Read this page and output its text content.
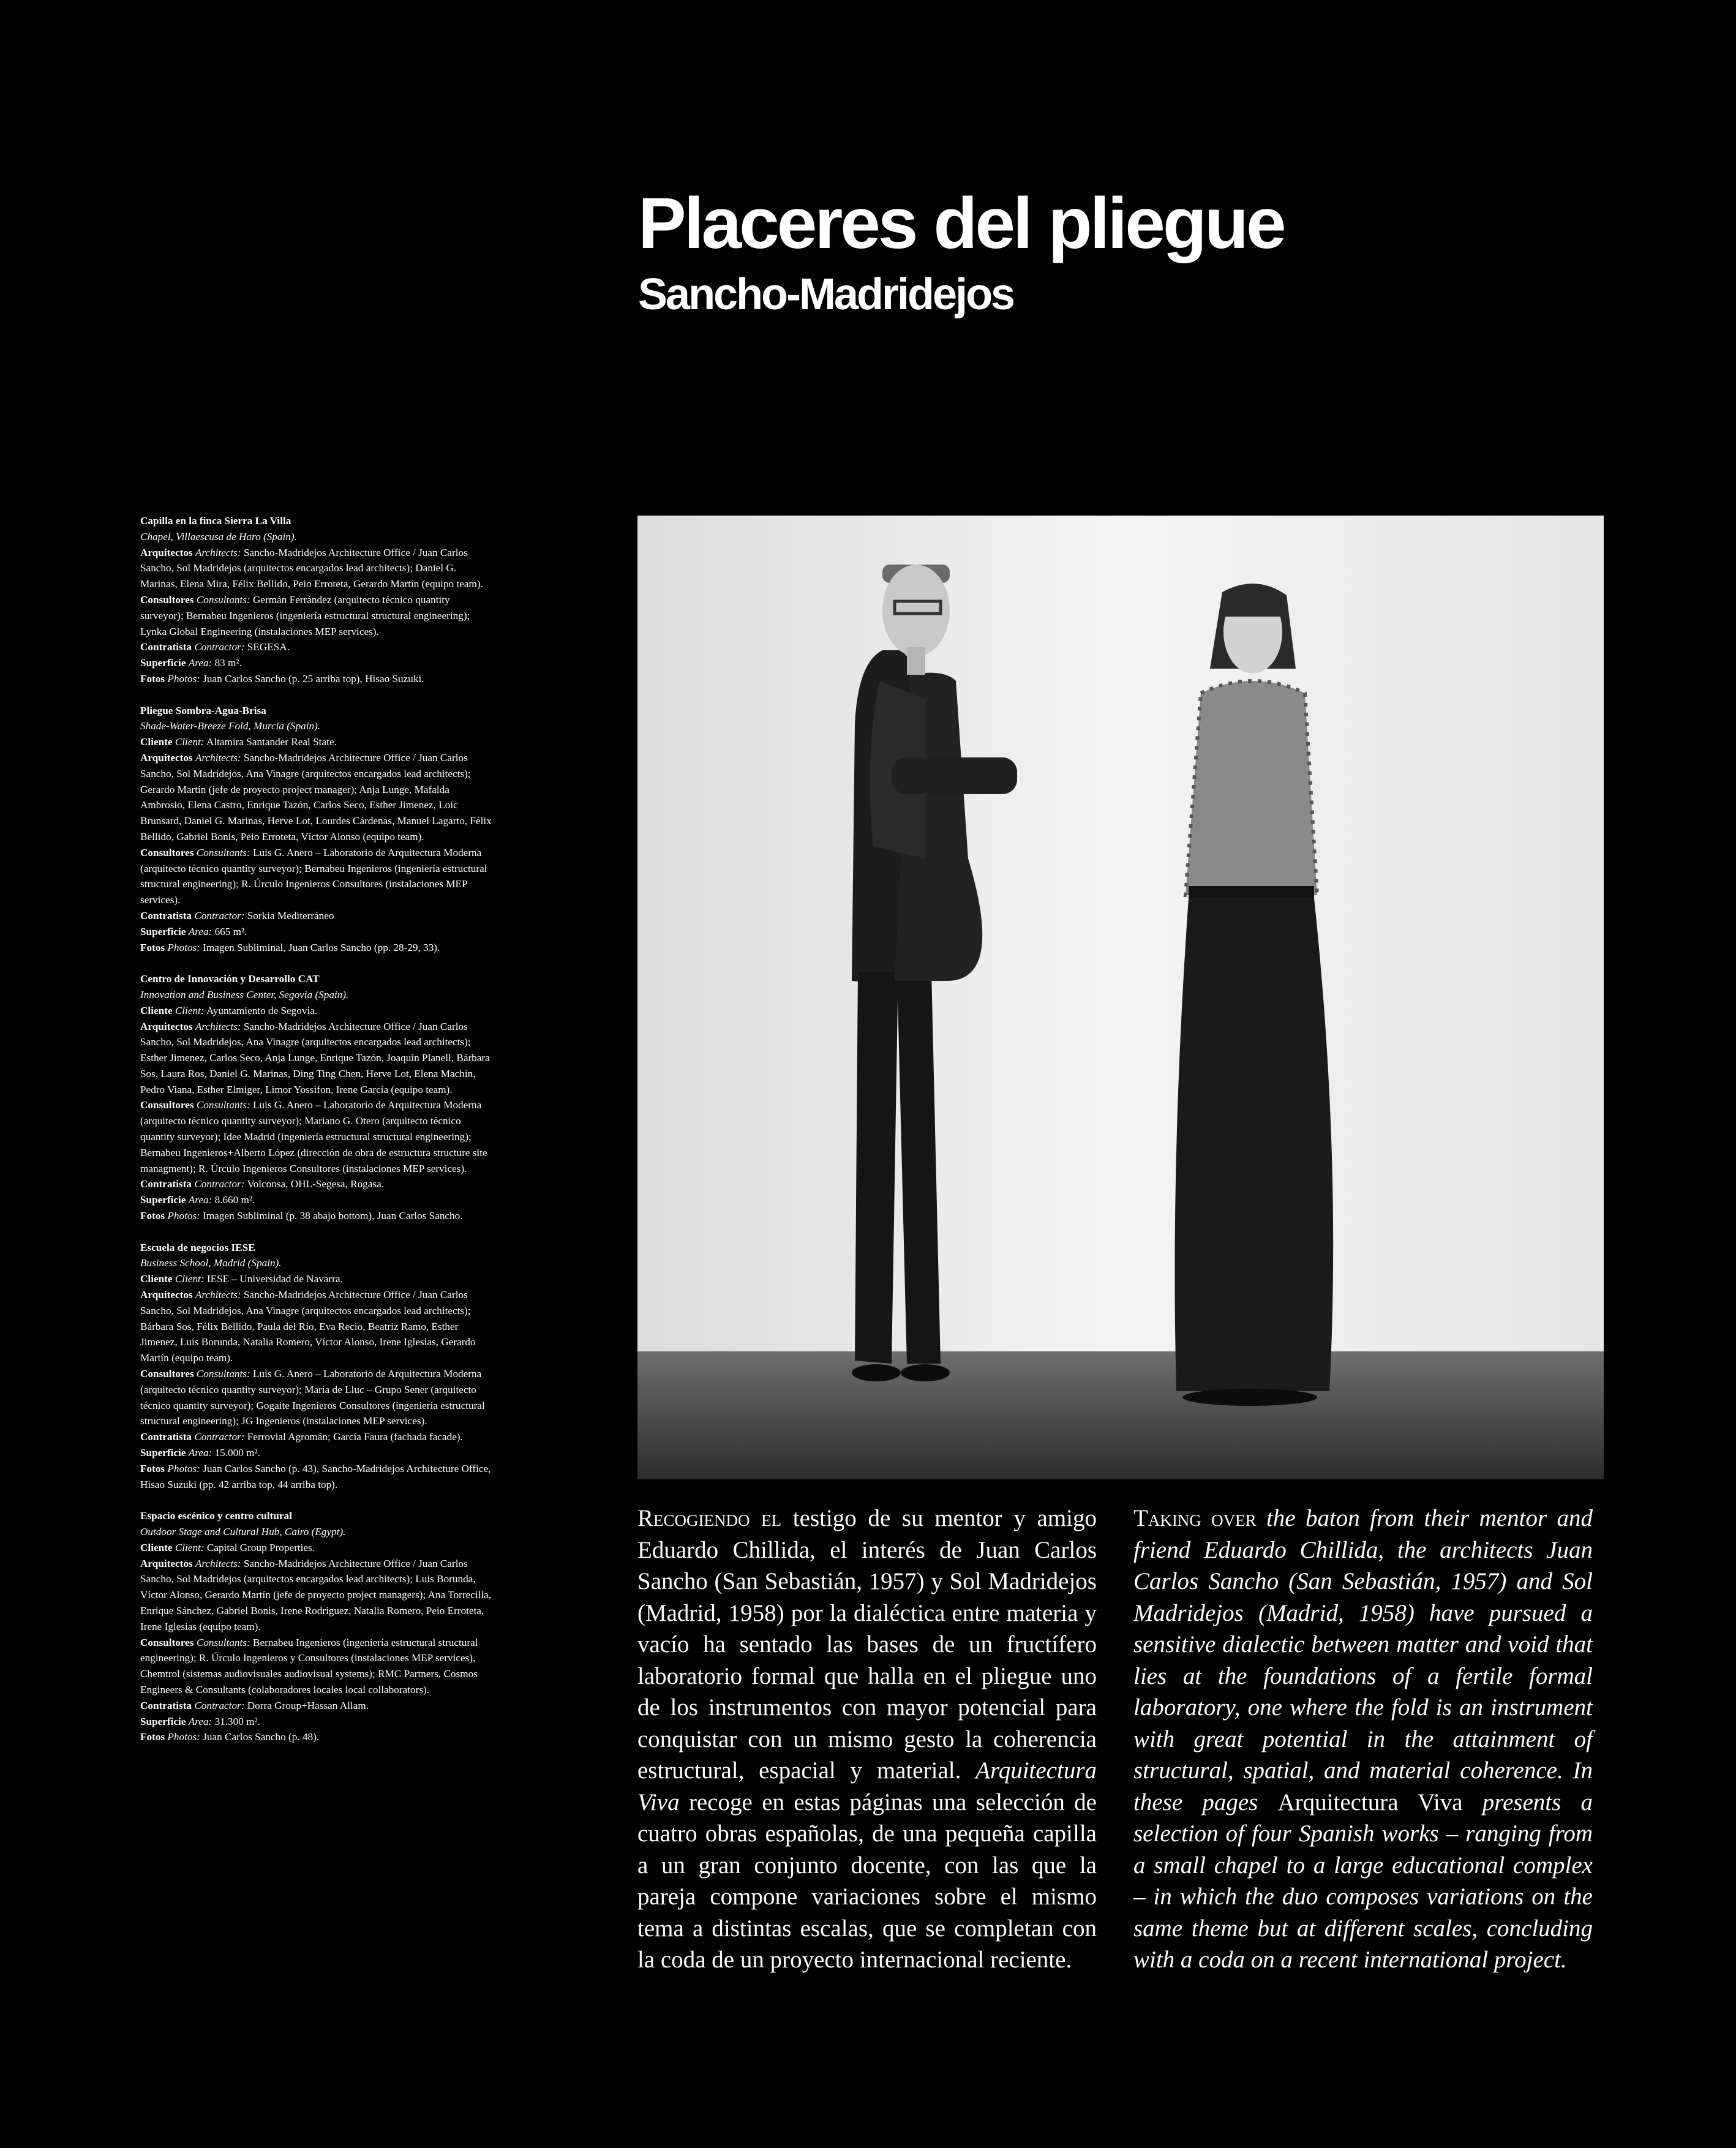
Placeres del pliegue
Sancho-Madridejos
Capilla en la finca Sierra La Villa
Chapel, Villaescusa de Haro (Spain).
Arquitectos Architects: Sancho-Madridejos Architecture Office / Juan Carlos Sancho, Sol Madridejos (arquitectos encargados lead architects); Daniel G. Marinas, Elena Mira, Félix Bellido, Peio Erroteta, Gerardo Martín (equipo team).
Consultores Consultants: Germán Ferrández (arquitecto técnico quantity surveyor); Bernabeu Ingenieros (ingeniería estructural structural engineering); Lynka Global Engineering (instalaciones MEP services).
Contratista Contractor: SEGESA.
Superficie Area: 83 m².
Fotos Photos: Juan Carlos Sancho (p. 25 arriba top), Hisao Suzuki.
Pliegue Sombra-Agua-Brisa
Shade-Water-Breeze Fold, Murcia (Spain).
Cliente Client: Altamira Santander Real State.
Arquitectos Architects: Sancho-Madridejos Architecture Office / Juan Carlos Sancho, Sol Madridejos, Ana Vinagre (arquitectos encargados lead architects); Gerardo Martín (jefe de proyecto project manager); Anja Lunge, Mafalda Ambrosio, Elena Castro, Enrique Tazón, Carlos Seco, Esther Jimenez, Loic Brunsard, Daniel G. Marinas, Herve Lot, Lourdes Cárdenas, Manuel Lagarto, Félix Bellido, Gabriel Bonis, Peio Erroteta, Víctor Alonso (equipo team).
Consultores Consultants: Luis G. Anero – Laboratorio de Arquitectura Moderna (arquitecto técnico quantity surveyor); Bernabeu Ingenieros (ingeniería estructural structural engineering); R. Úrculo Ingenieros Consultores (instalaciones MEP services).
Contratista Contractor: Sorkia Mediterráneo
Superficie Area: 665 m².
Fotos Photos: Imagen Subliminal, Juan Carlos Sancho (pp. 28-29, 33).
Centro de Innovación y Desarrollo CAT
Innovation and Business Center, Segovia (Spain).
Cliente Client: Ayuntamiento de Segovia.
Arquitectos Architects: Sancho-Madridejos Architecture Office / Juan Carlos Sancho, Sol Madridejos, Ana Vinagre (arquitectos encargados lead architects); Esther Jimenez, Carlos Seco, Anja Lunge, Enrique Tazón, Joaquín Planell, Bárbara Sos, Laura Ros, Daniel G. Marinas, Ding Ting Chen, Herve Lot, Elena Machín, Pedro Viana, Esther Elmiger, Limor Yossifon, Irene García (equipo team).
Consultores Consultants: Luis G. Anero – Laboratorio de Arquitectura Moderna (arquitecto técnico quantity surveyor); Mariano G. Otero (arquitecto técnico quantity surveyor); Idee Madrid (ingeniería estructural structural engineering); Bernabeu Ingenieros+Alberto López (dirección de obra de estructura structure site managment); R. Úrculo Ingenieros Consultores (instalaciones MEP services).
Contratista Contractor: Volconsa, OHL-Segesa, Rogasa.
Superficie Area: 8.660 m².
Fotos Photos: Imagen Subliminal (p. 38 abajo bottom), Juan Carlos Sancho.
Escuela de negocios IESE
Business School, Madrid (Spain).
Cliente Client: IESE – Universidad de Navarra.
Arquitectos Architects: Sancho-Madridejos Architecture Office / Juan Carlos Sancho, Sol Madridejos, Ana Vinagre (arquitectos encargados lead architects); Bárbara Sos, Félix Bellido, Paula del Río, Eva Recio, Beatriz Ramo, Esther Jimenez, Luis Borunda, Natalia Romero, Víctor Alonso, Irene Iglesias, Gerardo Martín (equipo team).
Consultores Consultants: Luis G. Anero – Laboratorio de Arquitectura Moderna (arquitecto técnico quantity surveyor); María de Lluc – Grupo Sener (arquitecto técnico quantity surveyor); Gogaite Ingenieros Consultores (ingeniería estructural structural engineering); JG Ingenieros (instalaciones MEP services).
Contratista Contractor: Ferrovial Agromán; García Faura (fachada facade).
Superficie Area: 15.000 m².
Fotos Photos: Juan Carlos Sancho (p. 43), Sancho-Madridejos Architecture Office, Hisao Suzuki (pp. 42 arriba top, 44 arriba top).
Espacio escénico y centro cultural
Outdoor Stage and Cultural Hub, Cairo (Egypt).
Cliente Client: Capital Group Properties.
Arquitectos Architects: Sancho-Madridejos Architecture Office / Juan Carlos Sancho, Sol Madridejos (arquitectos encargados lead architects); Luis Borunda, Víctor Alonso, Gerardo Martín (jefe de proyecto project managers); Ana Torrecilla, Enrique Sánchez, Gabriel Bonis, Irene Rodriguez, Natalia Romero, Peio Erroteta, Irene Iglesias (equipo team).
Consultores Consultants: Bernabeu Ingenieros (ingeniería estructural structural engineering); R. Úrculo Ingenieros y Consultores (instalaciones MEP services), Chemtrol (sistemas audiovisuales audiovisual systems); RMC Partners, Cosmos Engineers & Consultants (colaboradores locales local collaborators).
Contratista Contractor: Dorra Group+Hassan Allam.
Superficie Area: 31.300 m².
Fotos Photos: Juan Carlos Sancho (p. 48).

Recogiendo el testigo de su mentor y amigo Eduardo Chillida, el interés de Juan Carlos Sancho (San Sebastián, 1957) y Sol Madridejos (Madrid, 1958) por la dialéctica entre materia y vacío ha sentado las bases de un fructífero laboratorio formal que halla en el pliegue uno de los instrumentos con mayor potencial para conquistar con un mismo gesto la coherencia estructural, espacial y material. Arquitectura Viva recoge en estas páginas una selección de cuatro obras españolas, de una pequeña capilla a un gran conjunto docente, con las que la pareja compone variaciones sobre el mismo tema a distintas escalas, que se completan con la coda de un proyecto internacional reciente.

Taking over the baton from their mentor and friend Eduardo Chillida, the architects Juan Carlos Sancho (San Sebastián, 1957) and Sol Madridejos (Madrid, 1958) have pursued a sensitive dialectic between matter and void that lies at the foundations of a fertile formal laboratory, one where the fold is an instrument with great potential in the attainment of structural, spatial, and material coherence. In these pages Arquitectura Viva presents a selection of four Spanish works – ranging from a small chapel to a large educational complex – in which the duo composes variations on the same theme but at different scales, concluding with a coda on a recent international project.
